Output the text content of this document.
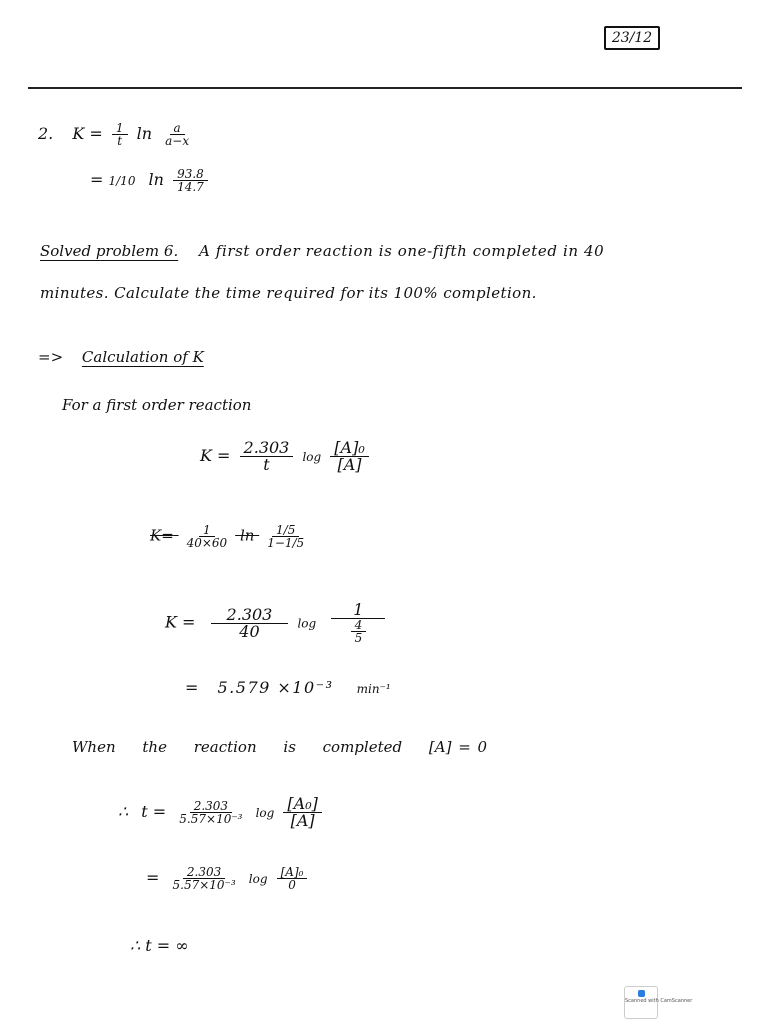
23/12
2. $K = \frac{1}{t}$ $\ln \frac{a}{a-x}$
= 1/10 $\ln \frac{93.8}{14.7}$
Solved problem 6. A first order reaction is one-fifth completed in 40
minutes. Calculate the time required for its 100% completion.
=> Calculation of K
For a first order reaction
$K = \frac{2.303}{t}$ $\log \frac{\text{[A]₀}}{[A]}$
$K= \frac{1}{40\times 60}$ $\ln \frac{1/5}{1-1/5}$
$K = \frac{2.303}{40}$ $\log \frac{1}{\frac{4}{5}}$
= 5.579 ×10⁻³ min⁻¹
When the reaction is completed [A] = 0
∴ $t = \frac{2.303}{\text{5.57×10⁻³}}$ $\log \frac{\text{[A₀]}}{[A]}$
= $\frac{2.303}{\text{5.57×10⁻³}}$ $\log \frac{\text{[A]₀}}{0}$
∴ t = ∞

Scanned with CamScanner
